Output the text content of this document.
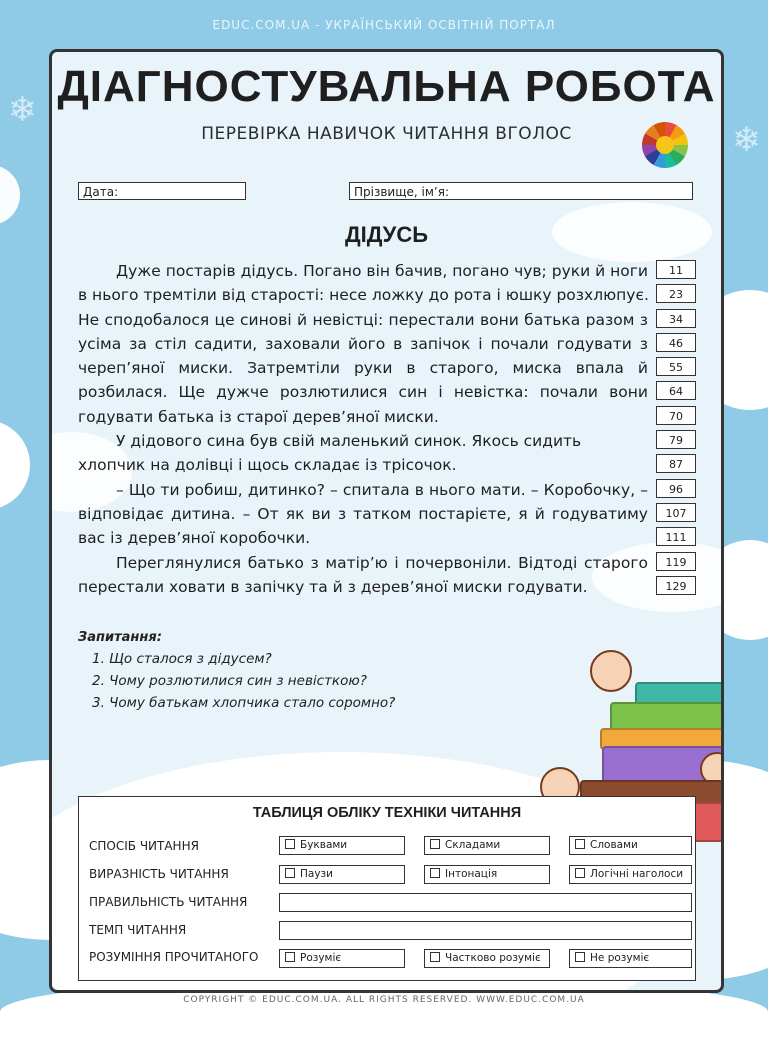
❄
❄
EDUC.COM.UA - УКРАЇНСЬКИЙ ОСВІТНІЙ ПОРТАЛ
ДІАГНОСТУВАЛЬНА РОБОТА
ПЕРЕВІРКА НАВИЧОК ЧИТАННЯ ВГОЛОС
Дата:	Прізвище, ім’я:
ДІДУСЬ
Дуже постарів дідусь. Погано він бачив, погано чув; руки й ноги
в нього тремтіли від старості: несе ложку до рота і юшку розхлюпує.
Не сподобалося це синові й невістці: перестали вони батька разом з
усіма за стіл садити, заховали його в запічок і почали годувати з
череп’яної миски. Затремтіли руки в старого, миска впала й
розбилася. Ще дужче розлютилися син і невістка: почали вони
годувати батька із старої дерев’яної миски.
У дідового сина був свій маленький синок. Якось сидить
хлопчик на долівці і щось складає із трісочок.
– Що ти робиш, дитинко? – спитала в нього мати. – Коробочку, –
відповідає дитина. – От як ви з татком постарієте, я й годуватиму
вас із дерев’яної коробочки.
Переглянулися батько з матір’ю і почервоніли. Відтоді старого
перестали ховати в запічку та й з дерев’яної миски годувати.
11
23
34
46
55
64
70
79
87
96
107
111
119
129
Запитання:
1. Що сталося з дідусем?
2. Чому розлютилися син з невісткою?
3. Чому батькам хлопчика стало соромно?
ТАБЛИЦЯ ОБЛІКУ ТЕХНІКИ ЧИТАННЯ
СПОСІБ ЧИТАННЯ	Буквами	Складами	Словами
ВИРАЗНІСТЬ ЧИТАННЯ	Паузи	Інтонація	Логічні наголоси
ПРАВИЛЬНІСТЬ ЧИТАННЯ
ТЕМП ЧИТАННЯ
РОЗУМІННЯ ПРОЧИТАНОГО	Розуміє	Частково розуміє	Не розуміє
COPYRIGHT © EDUC.COM.UA. ALL RIGHTS RESERVED. WWW.EDUC.COM.UA
